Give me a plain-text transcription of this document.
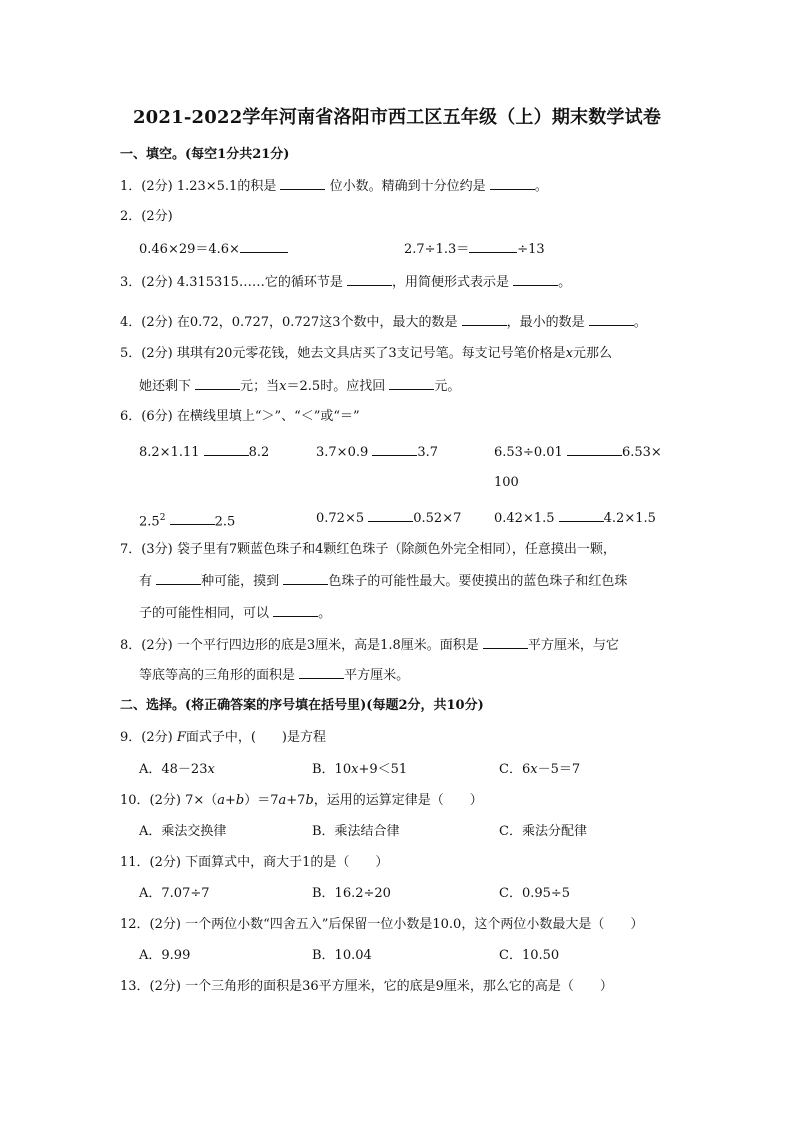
2021-2022学年河南省洛阳市西工区五年级（上）期末数学试卷
一、填空。(每空1分共21分)
1．(2分) 1.23×5.1的积是	位小数。精确到十分位约是	。
2．(2分)
0.46×29＝4.6×	2.7÷1.3＝	÷13
3．(2分) 4.315315……它的循环节是	，用简便形式表示是	。
4．(2分) 在0.72，0.727，0.727这3个数中，最大的数是	，最小的数是	。
5．(2分) 琪琪有20元零花钱，她去文具店买了3支记号笔。每支记号笔价格是x元那么
她还剩下	元；当x＝2.5时。应找回	元。
6．(6分) 在横线里填上“＞”、“＜”或“＝”
8.2×1.11	8.2	3.7×0.9	3.7	6.53÷0.01	6.53×
100
$2.5^2$	2.5	0.72×5	0.52×7	0.42×1.5	4.2×1.5
7．(3分) 袋子里有7颗蓝色珠子和4颗红色珠子（除颜色外完全相同），任意摸出一颗，
有	种可能，摸到	色珠子的可能性最大。要使摸出的蓝色珠子和红色珠
子的可能性相同，可以	。
8．(2分) 一个平行四边形的底是3厘米，高是1.8厘米。面积是	平方厘米，与它
等底等高的三角形的面积是	平方厘米。
二、选择。(将正确答案的序号填在括号里)(每题2分，共10分)
9．(2分) F面式子中，(　　)是方程
A．48－23x	B．10x+9＜51	C．6x－5＝7
10．(2分) 7×（a+b）＝7a+7b，运用的运算定律是（　　）
A．乘法交换律	B．乘法结合律	C．乘法分配律
11．(2分) 下面算式中，商大于1的是（　　）
A．7.07÷7	B．16.2÷20	C．0.95÷5
12．(2分) 一个两位小数“四舍五入”后保留一位小数是10.0，这个两位小数最大是（　　）
A．9.99	B．10.04	C．10.50
13．(2分) 一个三角形的面积是36平方厘米，它的底是9厘米，那么它的高是（　　）
